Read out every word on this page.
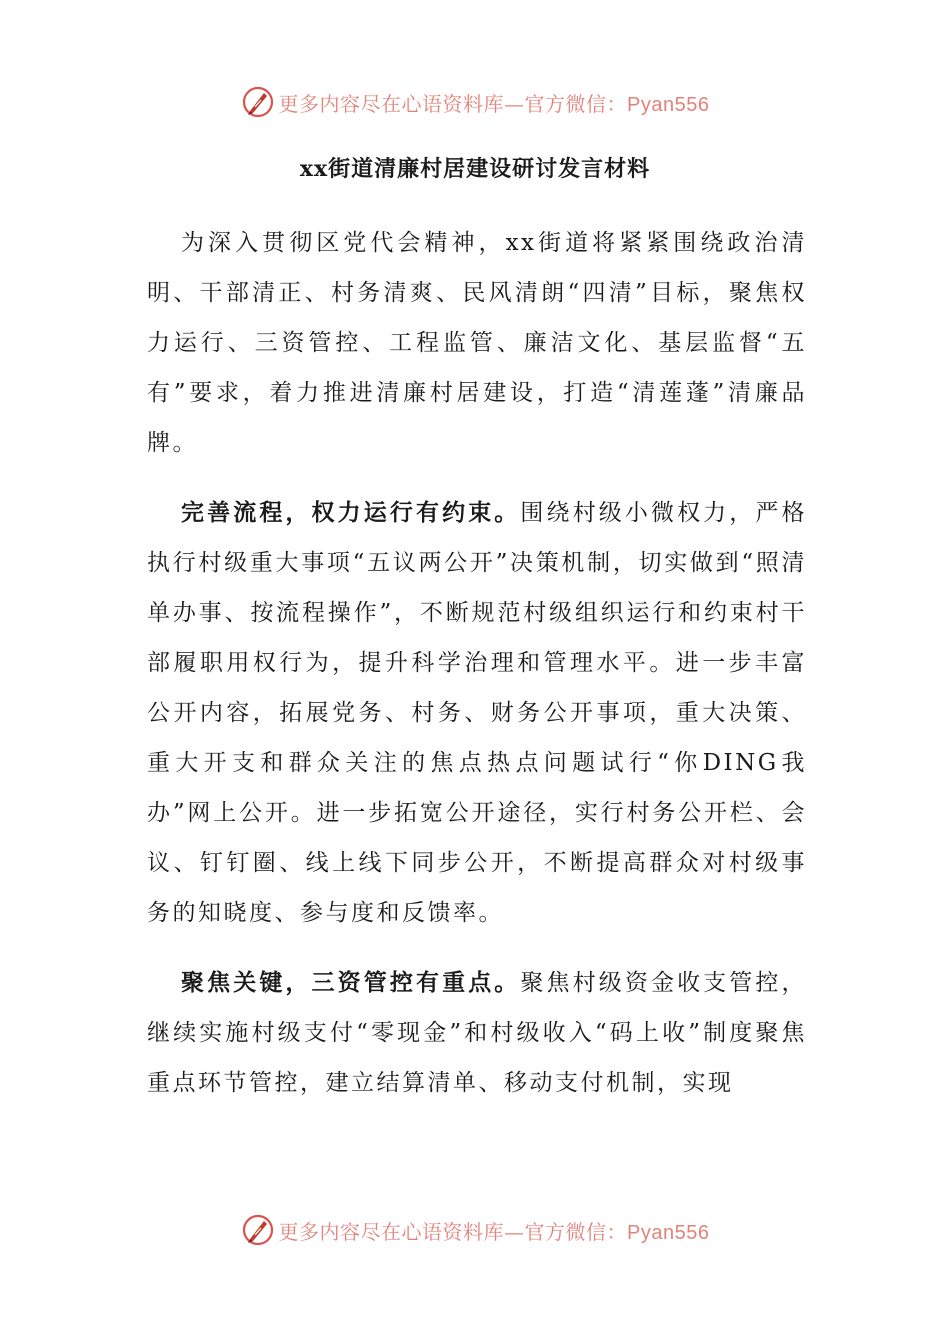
更多内容尽在心语资料库—官方微信：Pyan556
xx街道清廉村居建设研讨发言材料

为深入贯彻区党代会精神，xx街道将紧紧围绕政治清明、干部清正、村务清爽、民风清朗“四清”目标，聚焦权力运行、三资管控、工程监管、廉洁文化、基层监督“五有”要求，着力推进清廉村居建设，打造“清莲蓬”清廉品牌。

完善流程，权力运行有约束。围绕村级小微权力，严格执行村级重大事项“五议两公开”决策机制，切实做到“照清单办事、按流程操作”，不断规范村级组织运行和约束村干部履职用权行为，提升科学治理和管理水平。进一步丰富公开内容，拓展党务、村务、财务公开事项，重大决策、重大开支和群众关注的焦点热点问题试行“你DING我办”网上公开。进一步拓宽公开途径，实行村务公开栏、会议、钉钉圈、线上线下同步公开，不断提高群众对村级事务的知晓度、参与度和反馈率。

聚焦关键，三资管控有重点。聚焦村级资金收支管控，继续实施村级支付“零现金”和村级收入“码上收”制度聚焦重点环节管控，建立结算清单、移动支付机制，实现

更多内容尽在心语资料库—官方微信：Pyan556
